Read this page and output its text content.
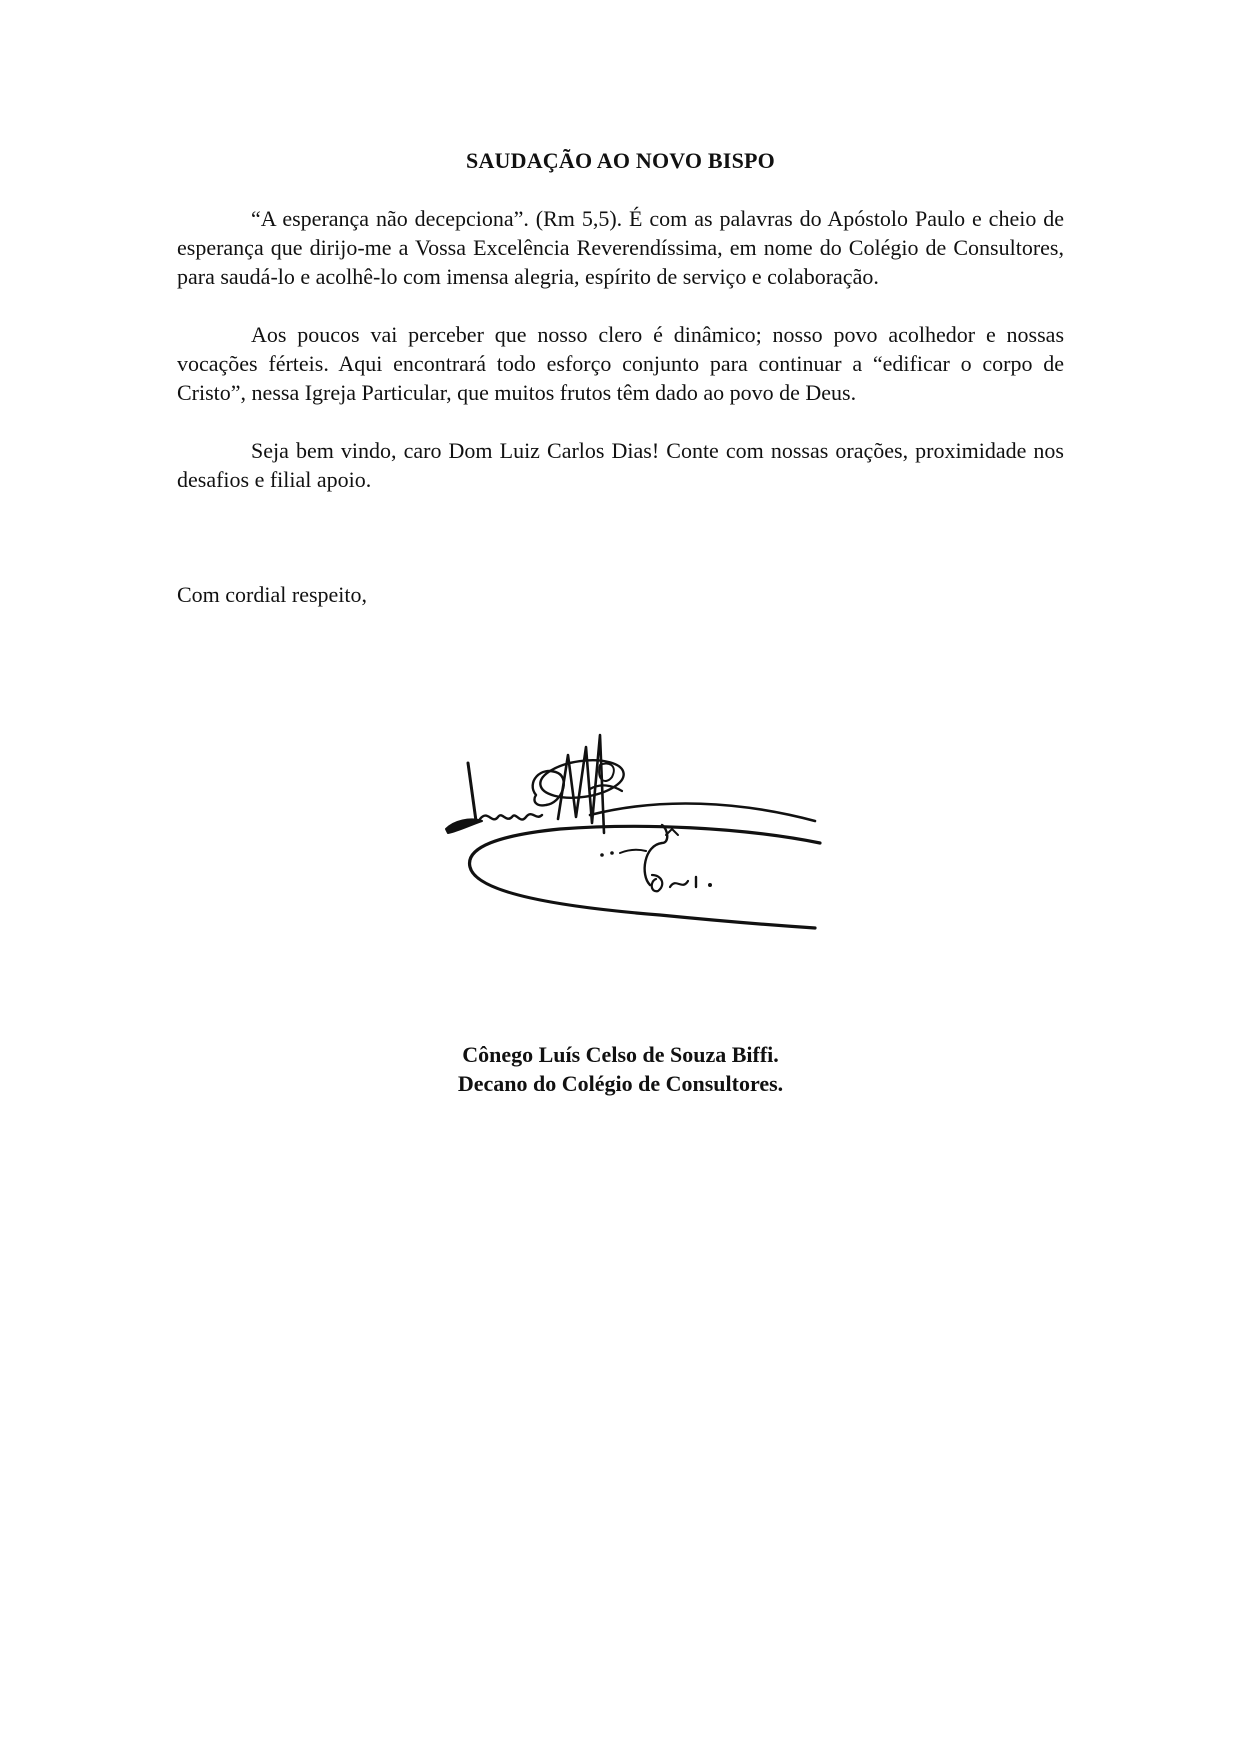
SAUDAÇÃO AO NOVO BISPO

“A esperança não decepciona”. (Rm 5,5). É com as palavras do Apóstolo Paulo e cheio de esperança que dirijo-me a Vossa Excelência Reverendíssima, em nome do Colégio de Consultores, para saudá-lo e acolhê-lo com imensa alegria, espírito de serviço e colaboração.

Aos poucos vai perceber que nosso clero é dinâmico; nosso povo acolhedor e nossas vocações férteis. Aqui encontrará todo esforço conjunto para continuar a “edificar o corpo de Cristo”, nessa Igreja Particular, que muitos frutos têm dado ao povo de Deus.

Seja bem vindo, caro Dom Luiz Carlos Dias! Conte com nossas orações, proximidade nos desafios e filial apoio.

Com cordial respeito,
Cônego Luís Celso de Souza Biffi.
Decano do Colégio de Consultores.
